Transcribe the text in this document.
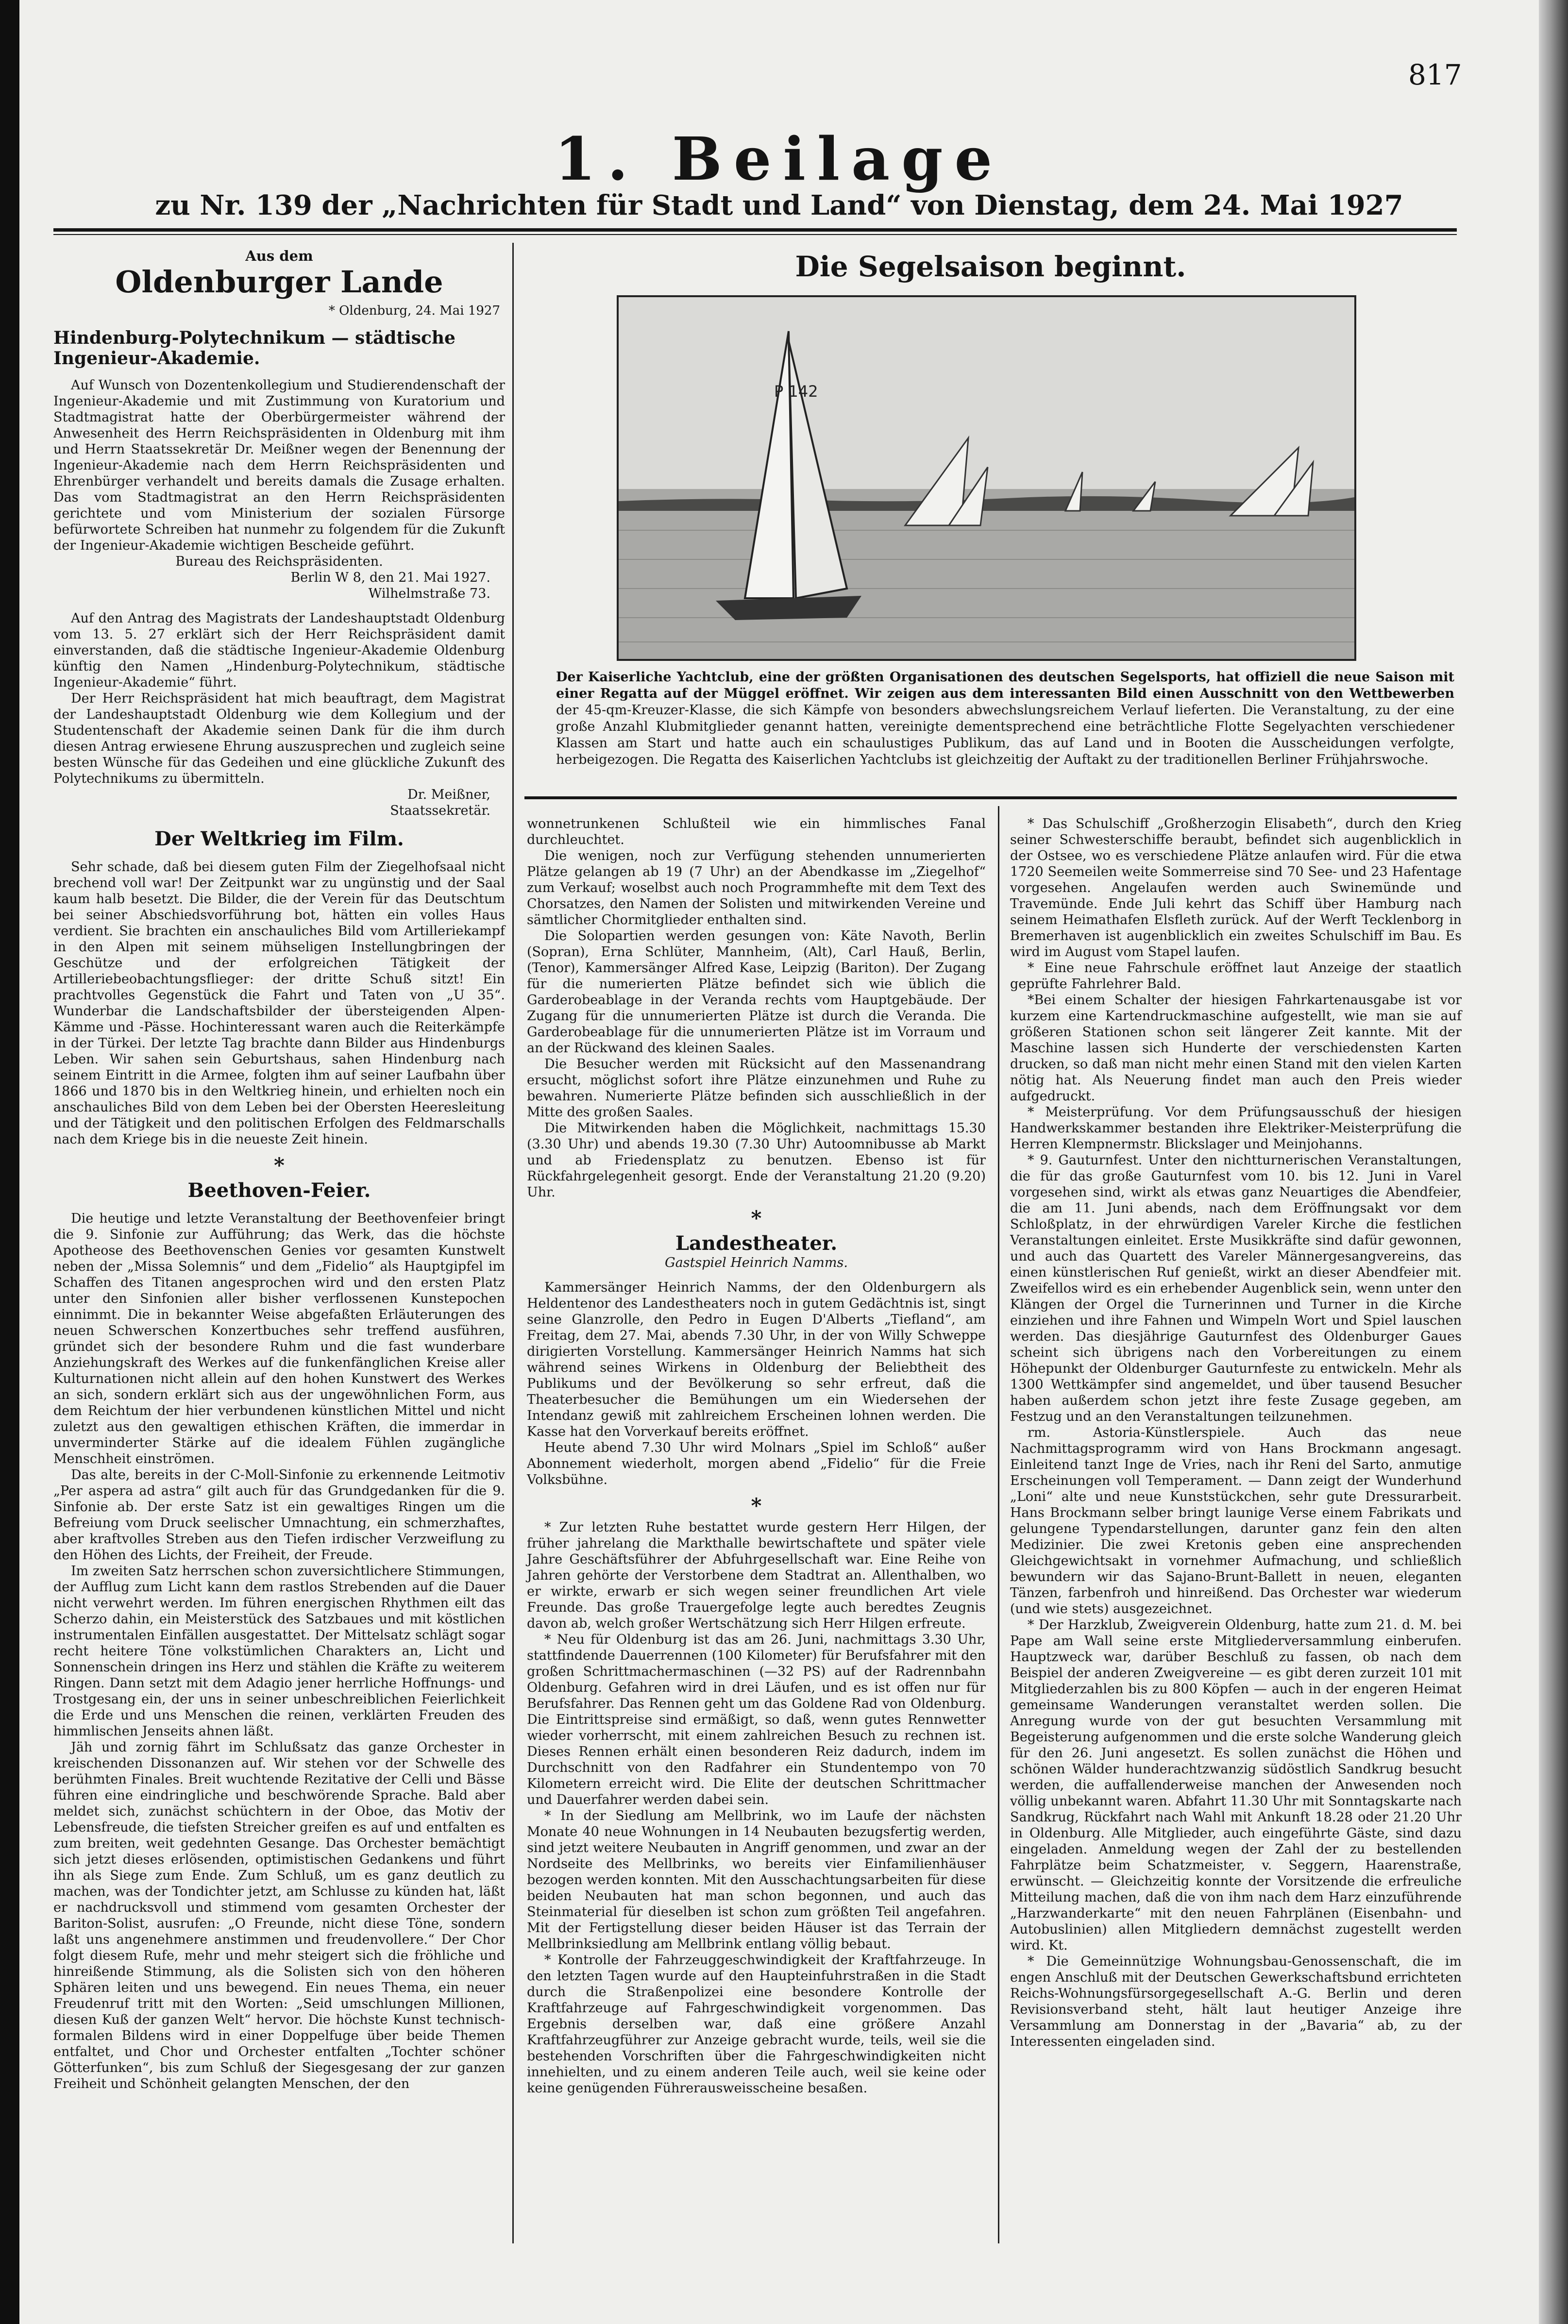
817
1. Beilage
zu Nr. 139 der „Nachrichten für Stadt und Land“ von Dienstag, dem 24. Mai 1927
Aus dem
Oldenburger Lande
* Oldenburg, 24. Mai 1927
Hindenburg-Polytechnikum — städtische Ingenieur-Akademie.

Auf Wunsch von Dozentenkollegium und Studierendenschaft der Ingenieur-Akademie und mit Zustimmung von Kuratorium und Stadtmagistrat hatte der Oberbürgermeister während der Anwesenheit des Herrn Reichspräsidenten in Oldenburg mit ihm und Herrn Staatssekretär Dr. Meißner wegen der Benennung der Ingenieur-Akademie nach dem Herrn Reichspräsidenten und Ehrenbürger verhandelt und bereits damals die Zusage erhalten. Das vom Stadtmagistrat an den Herrn Reichspräsidenten gerichtete und vom Ministerium der sozialen Fürsorge befürwortete Schreiben hat nunmehr zu folgendem für die Zukunft der Ingenieur-Akademie wichtigen Bescheide geführt.

Bureau des Reichspräsidenten.
Berlin W 8, den 21. Mai 1927.
Wilhelmstraße 73.

Auf den Antrag des Magistrats der Landeshauptstadt Oldenburg vom 13. 5. 27 erklärt sich der Herr Reichspräsident damit einverstanden, daß die städtische Ingenieur-Akademie Oldenburg künftig den Namen „Hindenburg-Polytechnikum, städtische Ingenieur-Akademie“ führt.

Der Herr Reichspräsident hat mich beauftragt, dem Magistrat der Landeshauptstadt Oldenburg wie dem Kollegium und der Studentenschaft der Akademie seinen Dank für die ihm durch diesen Antrag erwiesene Ehrung auszusprechen und zugleich seine besten Wünsche für das Gedeihen und eine glückliche Zukunft des Polytechnikums zu übermitteln.

Dr. Meißner,
Staatssekretär.
Der Weltkrieg im Film.

Sehr schade, daß bei diesem guten Film der Ziegelhofsaal nicht brechend voll war! Der Zeitpunkt war zu ungünstig und der Saal kaum halb besetzt. Die Bilder, die der Verein für das Deutschtum bei seiner Abschiedsvorführung bot, hätten ein volles Haus verdient. Sie brachten ein anschauliches Bild vom Artilleriekampf in den Alpen mit seinem mühseligen Instellungbringen der Geschütze und der erfolgreichen Tätigkeit der Artilleriebeobachtungsflieger: der dritte Schuß sitzt! Ein prachtvolles Gegenstück die Fahrt und Taten von „U 35“. Wunderbar die Landschaftsbilder der übersteigenden Alpen-Kämme und -Pässe. Hochinteressant waren auch die Reiterkämpfe in der Türkei. Der letzte Tag brachte dann Bilder aus Hindenburgs Leben. Wir sahen sein Geburtshaus, sahen Hindenburg nach seinem Eintritt in die Armee, folgten ihm auf seiner Laufbahn über 1866 und 1870 bis in den Weltkrieg hinein, und erhielten noch ein anschauliches Bild von dem Leben bei der Obersten Heeresleitung und der Tätigkeit und den politischen Erfolgen des Feldmarschalls nach dem Kriege bis in die neueste Zeit hinein.

*
Beethoven-Feier.

Die heutige und letzte Veranstaltung der Beethovenfeier bringt die 9. Sinfonie zur Aufführung; das Werk, das die höchste Apotheose des Beethovenschen Genies vor gesamten Kunstwelt neben der „Missa Solemnis“ und dem „Fidelio“ als Hauptgipfel im Schaffen des Titanen angesprochen wird und den ersten Platz unter den Sinfonien aller bisher verflossenen Kunstepochen einnimmt. Die in bekannter Weise abgefaßten Erläuterungen des neuen Schwerschen Konzertbuches sehr treffend ausführen, gründet sich der besondere Ruhm und die fast wunderbare Anziehungskraft des Werkes auf die funkenfänglichen Kreise aller Kulturnationen nicht allein auf den hohen Kunstwert des Werkes an sich, sondern erklärt sich aus der ungewöhnlichen Form, aus dem Reichtum der hier verbundenen künstlichen Mittel und nicht zuletzt aus den gewaltigen ethischen Kräften, die immerdar in unverminderter Stärke auf die idealem Fühlen zugängliche Menschheit einströmen.

Das alte, bereits in der C-Moll-Sinfonie zu erkennende Leitmotiv „Per aspera ad astra“ gilt auch für das Grundgedanken für die 9. Sinfonie ab. Der erste Satz ist ein gewaltiges Ringen um die Befreiung vom Druck seelischer Umnachtung, ein schmerzhaftes, aber kraftvolles Streben aus den Tiefen irdischer Verzweiflung zu den Höhen des Lichts, der Freiheit, der Freude.

Im zweiten Satz herrschen schon zuversichtlichere Stimmungen, der Aufflug zum Licht kann dem rastlos Strebenden auf die Dauer nicht verwehrt werden. Im führen energischen Rhythmen eilt das Scherzo dahin, ein Meisterstück des Satzbaues und mit köstlichen instrumentalen Einfällen ausgestattet. Der Mittelsatz schlägt sogar recht heitere Töne volkstümlichen Charakters an, Licht und Sonnenschein dringen ins Herz und stählen die Kräfte zu weiterem Ringen. Dann setzt mit dem Adagio jener herrliche Hoffnungs- und Trostgesang ein, der uns in seiner unbeschreiblichen Feierlichkeit die Erde und uns Menschen die reinen, verklärten Freuden des himmlischen Jenseits ahnen läßt.

Jäh und zornig fährt im Schlußsatz das ganze Orchester in kreischenden Dissonanzen auf. Wir stehen vor der Schwelle des berühmten Finales. Breit wuchtende Rezitative der Celli und Bässe führen eine eindringliche und beschwörende Sprache. Bald aber meldet sich, zunächst schüchtern in der Oboe, das Motiv der Lebensfreude, die tiefsten Streicher greifen es auf und entfalten es zum breiten, weit gedehnten Gesange. Das Orchester bemächtigt sich jetzt dieses erlösenden, optimistischen Gedankens und führt ihn als Siege zum Ende. Zum Schluß, um es ganz deutlich zu machen, was der Tondichter jetzt, am Schlusse zu künden hat, läßt er nachdrucksvoll und stimmend vom gesamten Orchester der Bariton-Solist, ausrufen: „O Freunde, nicht diese Töne, sondern laßt uns angenehmere anstimmen und freudenvollere.“ Der Chor folgt diesem Rufe, mehr und mehr steigert sich die fröhliche und hinreißende Stimmung, als die Solisten sich von den höheren Sphären leiten und uns bewegend. Ein neues Thema, ein neuer Freudenruf tritt mit den Worten: „Seid umschlungen Millionen, diesen Kuß der ganzen Welt“ hervor. Die höchste Kunst technisch-formalen Bildens wird in einer Doppelfuge über beide Themen entfaltet, und Chor und Orchester entfalten „Tochter schöner Götterfunken“, bis zum Schluß der Siegesgesang der zur ganzen Freiheit und Schönheit gelangten Menschen, der den

Die Segelsaison beginnt.
P 142
Der Kaiserliche Yachtclub, eine der größten Organisationen des deutschen Segelsports, hat offiziell die neue Saison mit einer Regatta auf der Müggel eröffnet. Wir zeigen aus dem interessanten Bild einen Ausschnitt von den Wettbewerben der 45-qm-Kreuzer-Klasse, die sich Kämpfe von besonders abwechslungsreichem Verlauf lieferten. Die Veranstaltung, zu der eine große Anzahl Klubmitglieder genannt hatten, vereinigte dementsprechend eine beträchtliche Flotte Segelyachten verschiedener Klassen am Start und hatte auch ein schaulustiges Publikum, das auf Land und in Booten die Ausscheidungen verfolgte, herbeigezogen. Die Regatta des Kaiserlichen Yachtclubs ist gleichzeitig der Auftakt zu der traditionellen Berliner Frühjahrswoche.

wonnetrunkenen Schlußteil wie ein himmlisches Fanal durchleuchtet.

Die wenigen, noch zur Verfügung stehenden unnumerierten Plätze gelangen ab 19 (7 Uhr) an der Abendkasse im „Ziegelhof“ zum Verkauf; woselbst auch noch Programmhefte mit dem Text des Chorsatzes, den Namen der Solisten und mitwirkenden Vereine und sämtlicher Chormitglieder enthalten sind.

Die Solopartien werden gesungen von: Käte Navoth, Berlin (Sopran), Erna Schlüter, Mannheim, (Alt), Carl Hauß, Berlin, (Tenor), Kammersänger Alfred Kase, Leipzig (Bariton). Der Zugang für die numerierten Plätze befindet sich wie üblich die Garderobeablage in der Veranda rechts vom Hauptgebäude. Der Zugang für die unnumerierten Plätze ist durch die Veranda. Die Garderobeablage für die unnumerierten Plätze ist im Vorraum und an der Rückwand des kleinen Saales.

Die Besucher werden mit Rücksicht auf den Massenandrang ersucht, möglichst sofort ihre Plätze einzunehmen und Ruhe zu bewahren. Numerierte Plätze befinden sich ausschließlich in der Mitte des großen Saales.

Die Mitwirkenden haben die Möglichkeit, nachmittags 15.30 (3.30 Uhr) und abends 19.30 (7.30 Uhr) Autoomnibusse ab Markt und ab Friedensplatz zu benutzen. Ebenso ist für Rückfahrgelegenheit gesorgt. Ende der Veranstaltung 21.20 (9.20) Uhr.

*
Landestheater.
Gastspiel Heinrich Namms.

Kammersänger Heinrich Namms, der den Oldenburgern als Heldentenor des Landestheaters noch in gutem Gedächtnis ist, singt seine Glanzrolle, den Pedro in Eugen D'Alberts „Tiefland“, am Freitag, dem 27. Mai, abends 7.30 Uhr, in der von Willy Schweppe dirigierten Vorstellung. Kammersänger Heinrich Namms hat sich während seines Wirkens in Oldenburg der Beliebtheit des Publikums und der Bevölkerung so sehr erfreut, daß die Theaterbesucher die Bemühungen um ein Wiedersehen der Intendanz gewiß mit zahlreichem Erscheinen lohnen werden. Die Kasse hat den Vorverkauf bereits eröffnet.

Heute abend 7.30 Uhr wird Molnars „Spiel im Schloß“ außer Abonnement wiederholt, morgen abend „Fidelio“ für die Freie Volksbühne.

*

* Zur letzten Ruhe bestattet wurde gestern Herr Hilgen, der früher jahrelang die Markthalle bewirtschaftete und später viele Jahre Geschäftsführer der Abfuhrgesellschaft war. Eine Reihe von Jahren gehörte der Verstorbene dem Stadtrat an. Allenthalben, wo er wirkte, erwarb er sich wegen seiner freundlichen Art viele Freunde. Das große Trauergefolge legte auch beredtes Zeugnis davon ab, welch großer Wertschätzung sich Herr Hilgen erfreute.

* Neu für Oldenburg ist das am 26. Juni, nachmittags 3.30 Uhr, stattfindende Dauerrennen (100 Kilometer) für Berufsfahrer mit den großen Schrittmachermaschinen (—32 PS) auf der Radrennbahn Oldenburg. Gefahren wird in drei Läufen, und es ist offen nur für Berufsfahrer. Das Rennen geht um das Goldene Rad von Oldenburg. Die Eintrittspreise sind ermäßigt, so daß, wenn gutes Rennwetter wieder vorherrscht, mit einem zahlreichen Besuch zu rechnen ist. Dieses Rennen erhält einen besonderen Reiz dadurch, indem im Durchschnitt von den Radfahrer ein Stundentempo von 70 Kilometern erreicht wird. Die Elite der deutschen Schrittmacher und Dauerfahrer werden dabei sein.

* In der Siedlung am Mellbrink, wo im Laufe der nächsten Monate 40 neue Wohnungen in 14 Neubauten bezugsfertig werden, sind jetzt weitere Neubauten in Angriff genommen, und zwar an der Nordseite des Mellbrinks, wo bereits vier Einfamilienhäuser bezogen werden konnten. Mit den Ausschachtungsarbeiten für diese beiden Neubauten hat man schon begonnen, und auch das Steinmaterial für dieselben ist schon zum größten Teil angefahren. Mit der Fertigstellung dieser beiden Häuser ist das Terrain der Mellbrinksiedlung am Mellbrink entlang völlig bebaut.

* Kontrolle der Fahrzeuggeschwindigkeit der Kraftfahrzeuge. In den letzten Tagen wurde auf den Haupteinfuhrstraßen in die Stadt durch die Straßenpolizei eine besondere Kontrolle der Kraftfahrzeuge auf Fahrgeschwindigkeit vorgenommen. Das Ergebnis derselben war, daß eine größere Anzahl Kraftfahrzeugführer zur Anzeige gebracht wurde, teils, weil sie die bestehenden Vorschriften über die Fahrgeschwindigkeiten nicht innehielten, und zu einem anderen Teile auch, weil sie keine oder keine genügenden Führerausweisscheine besaßen.

* Das Schulschiff „Großherzogin Elisabeth“, durch den Krieg seiner Schwesterschiffe beraubt, befindet sich augenblicklich in der Ostsee, wo es verschiedene Plätze anlaufen wird. Für die etwa 1720 Seemeilen weite Sommerreise sind 70 See- und 23 Hafentage vorgesehen. Angelaufen werden auch Swinemünde und Travemünde. Ende Juli kehrt das Schiff über Hamburg nach seinem Heimathafen Elsfleth zurück. Auf der Werft Tecklenborg in Bremerhaven ist augenblicklich ein zweites Schulschiff im Bau. Es wird im August vom Stapel laufen.

* Eine neue Fahrschule eröffnet laut Anzeige der staatlich geprüfte Fahrlehrer Bald.

*Bei einem Schalter der hiesigen Fahrkartenausgabe ist vor kurzem eine Kartendruckmaschine aufgestellt, wie man sie auf größeren Stationen schon seit längerer Zeit kannte. Mit der Maschine lassen sich Hunderte der verschiedensten Karten drucken, so daß man nicht mehr einen Stand mit den vielen Karten nötig hat. Als Neuerung findet man auch den Preis wieder aufgedruckt.

* Meisterprüfung. Vor dem Prüfungsausschuß der hiesigen Handwerkskammer bestanden ihre Elektriker-Meisterprüfung die Herren Klempnermstr. Blickslager und Meinjohanns.

* 9. Gauturnfest. Unter den nichtturnerischen Veranstaltungen, die für das große Gauturnfest vom 10. bis 12. Juni in Varel vorgesehen sind, wirkt als etwas ganz Neuartiges die Abendfeier, die am 11. Juni abends, nach dem Eröffnungsakt vor dem Schloßplatz, in der ehrwürdigen Vareler Kirche die festlichen Veranstaltungen einleitet. Erste Musikkräfte sind dafür gewonnen, und auch das Quartett des Vareler Männergesangvereins, das einen künstlerischen Ruf genießt, wirkt an dieser Abendfeier mit. Zweifellos wird es ein erhebender Augenblick sein, wenn unter den Klängen der Orgel die Turnerinnen und Turner in die Kirche einziehen und ihre Fahnen und Wimpeln Wort und Spiel lauschen werden. Das diesjährige Gauturnfest des Oldenburger Gaues scheint sich übrigens nach den Vorbereitungen zu einem Höhepunkt der Oldenburger Gauturnfeste zu entwickeln. Mehr als 1300 Wettkämpfer sind angemeldet, und über tausend Besucher haben außerdem schon jetzt ihre feste Zusage gegeben, am Festzug und an den Veranstaltungen teilzunehmen.

rm. Astoria-Künstlerspiele. Auch das neue Nachmittagsprogramm wird von Hans Brockmann angesagt. Einleitend tanzt Inge de Vries, nach ihr Reni del Sarto, anmutige Erscheinungen voll Temperament. — Dann zeigt der Wunderhund „Loni“ alte und neue Kunststückchen, sehr gute Dressurarbeit. Hans Brockmann selber bringt launige Verse einem Fabrikats und gelungene Typendarstellungen, darunter ganz fein den alten Medizinier. Die zwei Kretonis geben eine ansprechenden Gleichgewichtsakt in vornehmer Aufmachung, und schließlich bewundern wir das Sajano-Brunt-Ballett in neuen, eleganten Tänzen, farbenfroh und hinreißend. Das Orchester war wiederum (und wie stets) ausgezeichnet.

* Der Harzklub, Zweigverein Oldenburg, hatte zum 21. d. M. bei Pape am Wall seine erste Mitgliederversammlung einberufen. Hauptzweck war, darüber Beschluß zu fassen, ob nach dem Beispiel der anderen Zweigvereine — es gibt deren zurzeit 101 mit Mitgliederzahlen bis zu 800 Köpfen — auch in der engeren Heimat gemeinsame Wanderungen veranstaltet werden sollen. Die Anregung wurde von der gut besuchten Versammlung mit Begeisterung aufgenommen und die erste solche Wanderung gleich für den 26. Juni angesetzt. Es sollen zunächst die Höhen und schönen Wälder hunderachtzwanzig südöstlich Sandkrug besucht werden, die auffallenderweise manchen der Anwesenden noch völlig unbekannt waren. Abfahrt 11.30 Uhr mit Sonntagskarte nach Sandkrug, Rückfahrt nach Wahl mit Ankunft 18.28 oder 21.20 Uhr in Oldenburg. Alle Mitglieder, auch eingeführte Gäste, sind dazu eingeladen. Anmeldung wegen der Zahl der zu bestellenden Fahrplätze beim Schatzmeister, v. Seggern, Haarenstraße, erwünscht. — Gleichzeitig konnte der Vorsitzende die erfreuliche Mitteilung machen, daß die von ihm nach dem Harz einzuführende „Harzwanderkarte“ mit den neuen Fahrplänen (Eisenbahn- und Autobuslinien) allen Mitgliedern demnächst zugestellt werden wird. Kt.

* Die Gemeinnützige Wohnungsbau-Genossenschaft, die im engen Anschluß mit der Deutschen Gewerkschaftsbund errichteten Reichs-Wohnungsfürsorgegesellschaft A.-G. Berlin und deren Revisionsverband steht, hält laut heutiger Anzeige ihre Versammlung am Donnerstag in der „Bavaria“ ab, zu der Interessenten eingeladen sind.
